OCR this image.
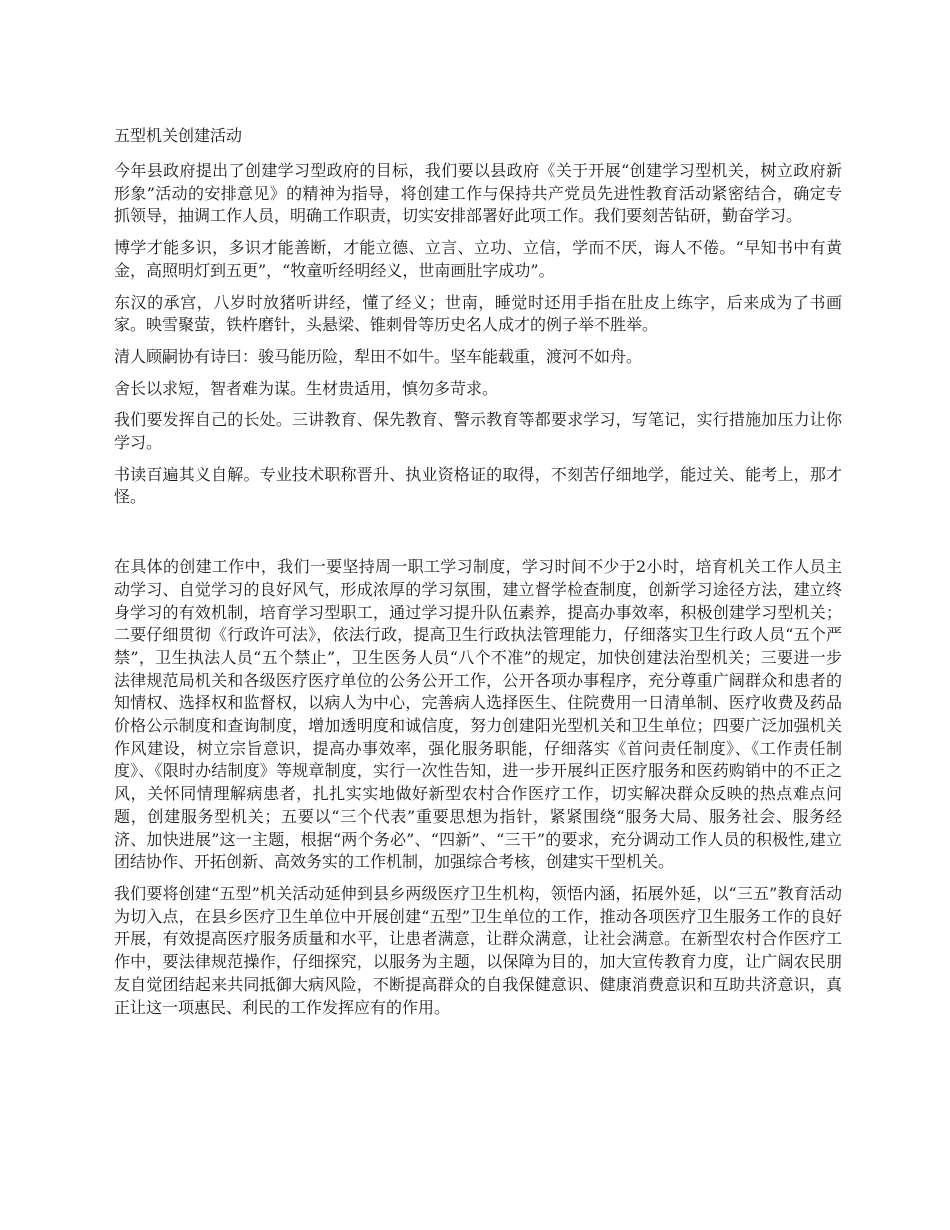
五型机关创建活动

今年县政府提出了创建学习型政府的目标，我们要以县政府《关于开展“创建学习型机关，树立政府新形象”活动的安排意见》的精神为指导，将创建工作与保持共产党员先进性教育活动紧密结合，确定专抓领导，抽调工作人员，明确工作职责，切实安排部署好此项工作。我们要刻苦钻研，勤奋学习。

博学才能多识，多识才能善断，才能立德、立言、立功、立信，学而不厌，诲人不倦。“早知书中有黄金，高照明灯到五更”，“牧童听经明经义，世南画肚字成功”。

东汉的承宫，八岁时放猪听讲经，懂了经义；世南，睡觉时还用手指在肚皮上练字，后来成为了书画家。映雪聚萤，铁杵磨针，头悬梁、锥刺骨等历史名人成才的例子举不胜举。

清人顾嗣协有诗曰：骏马能历险，犁田不如牛。坚车能载重，渡河不如舟。

舍长以求短，智者难为谋。生材贵适用，慎勿多苛求。

我们要发挥自己的长处。三讲教育、保先教育、警示教育等都要求学习，写笔记，实行措施加压力让你学习。

书读百遍其义自解。专业技术职称晋升、执业资格证的取得，不刻苦仔细地学，能过关、能考上，那才怪。

在具体的创建工作中，我们一要坚持周一职工学习制度，学习时间不少于2小时，培育机关工作人员主动学习、自觉学习的良好风气，形成浓厚的学习氛围，建立督学检查制度，创新学习途径方法，建立终身学习的有效机制，培育学习型职工，通过学习提升队伍素养，提高办事效率，积极创建学习型机关；二要仔细贯彻《行政许可法》，依法行政，提高卫生行政执法管理能力，仔细落实卫生行政人员“五个严禁”，卫生执法人员“五个禁止”，卫生医务人员“八个不准”的规定，加快创建法治型机关；三要进一步法律规范局机关和各级医疗医疗单位的公务公开工作，公开各项办事程序，充分尊重广阔群众和患者的知情权、选择权和监督权，以病人为中心，完善病人选择医生、住院费用一日清单制、医疗收费及药品价格公示制度和查询制度，增加透明度和诚信度，努力创建阳光型机关和卫生单位；四要广泛加强机关作风建设，树立宗旨意识，提高办事效率，强化服务职能，仔细落实《首问责任制度》、《工作责任制度》、《限时办结制度》等规章制度，实行一次性告知，进一步开展纠正医疗服务和医药购销中的不正之风，关怀同情理解病患者，扎扎实实地做好新型农村合作医疗工作，切实解决群众反映的热点难点问题，创建服务型机关；五要以“三个代表”重要思想为指针，紧紧围绕“服务大局、服务社会、服务经济、加快进展”这一主题，根据“两个务必”、“四新”、“三干”的要求，充分调动工作人员的积极性,建立团结协作、开拓创新、高效务实的工作机制，加强综合考核，创建实干型机关。

我们要将创建“五型”机关活动延伸到县乡两级医疗卫生机构，领悟内涵，拓展外延，以“三五”教育活动为切入点，在县乡医疗卫生单位中开展创建“五型”卫生单位的工作，推动各项医疗卫生服务工作的良好开展，有效提高医疗服务质量和水平，让患者满意，让群众满意，让社会满意。在新型农村合作医疗工作中，要法律规范操作，仔细探究，以服务为主题，以保障为目的，加大宣传教育力度，让广阔农民朋友自觉团结起来共同抵御大病风险，不断提高群众的自我保健意识、健康消费意识和互助共济意识，真正让这一项惠民、利民的工作发挥应有的作用。
